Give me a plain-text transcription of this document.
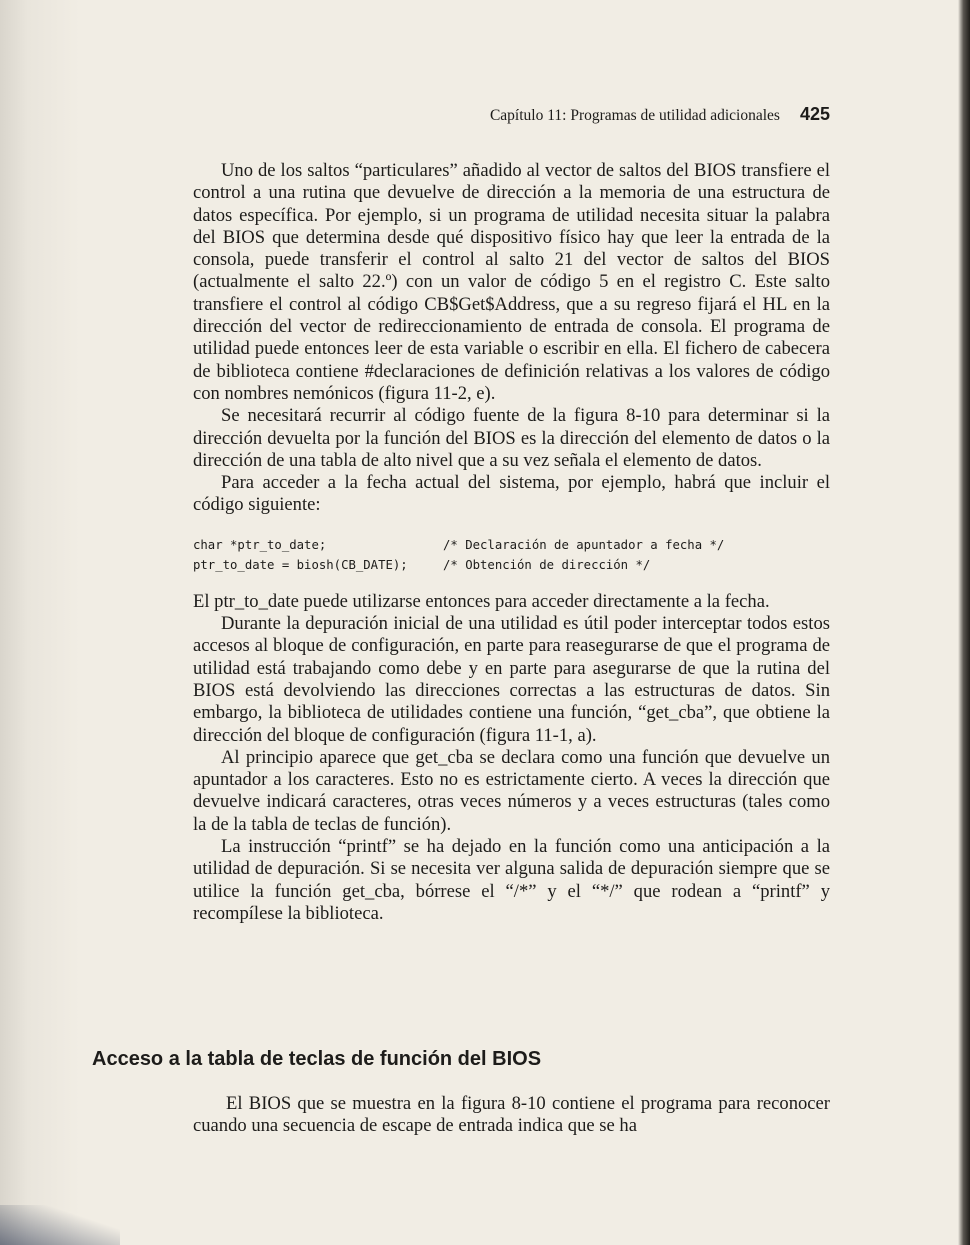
Capítulo 11: Programas de utilidad adicionales 425

Uno de los saltos “particulares” añadido al vector de saltos del BIOS transfiere el control a una rutina que devuelve de dirección a la memoria de una estructura de datos específica. Por ejemplo, si un programa de utilidad necesita situar la palabra del BIOS que determina desde qué dispositivo físico hay que leer la entrada de la consola, puede transferir el control al salto 21 del vector de saltos del BIOS (actualmente el salto 22.º) con un valor de código 5 en el registro C. Este salto transfiere el control al código CB$Get$Address, que a su regreso fijará el HL en la dirección del vector de redireccionamiento de entrada de consola. El programa de utilidad puede entonces leer de esta variable o escribir en ella. El fichero de cabecera de biblioteca contiene #declaraciones de definición relativas a los valores de código con nombres nemónicos (figura 11-2, e).

Se necesitará recurrir al código fuente de la figura 8-10 para determinar si la dirección devuelta por la función del BIOS es la dirección del elemento de datos o la dirección de una tabla de alto nivel que a su vez señala el elemento de datos.

Para acceder a la fecha actual del sistema, por ejemplo, habrá que incluir el código siguiente:

char *ptr_to_date;	/* Declaración de apuntador a fecha */
ptr_to_date = biosh(CB_DATE);	/* Obtención de dirección */

El ptr_to_date puede utilizarse entonces para acceder directamente a la fecha.

Durante la depuración inicial de una utilidad es útil poder interceptar todos estos accesos al bloque de configuración, en parte para reasegurarse de que el programa de utilidad está trabajando como debe y en parte para asegurarse de que la rutina del BIOS está devolviendo las direcciones correctas a las estructuras de datos. Sin embargo, la biblioteca de utilidades contiene una función, “get_cba”, que obtiene la dirección del bloque de configuración (figura 11-1, a).

Al principio aparece que get_cba se declara como una función que devuelve un apuntador a los caracteres. Esto no es estrictamente cierto. A veces la dirección que devuelve indicará caracteres, otras veces números y a veces estructuras (tales como la de la tabla de teclas de función).

La instrucción “printf” se ha dejado en la función como una anticipación a la utilidad de depuración. Si se necesita ver alguna salida de depuración siempre que se utilice la función get_cba, bórrese el “/*” y el “*/” que rodean a “printf” y recompílese la biblioteca.

Acceso a la tabla de teclas de función del BIOS

El BIOS que se muestra en la figura 8-10 contiene el programa para reconocer cuando una secuencia de escape de entrada indica que se ha
